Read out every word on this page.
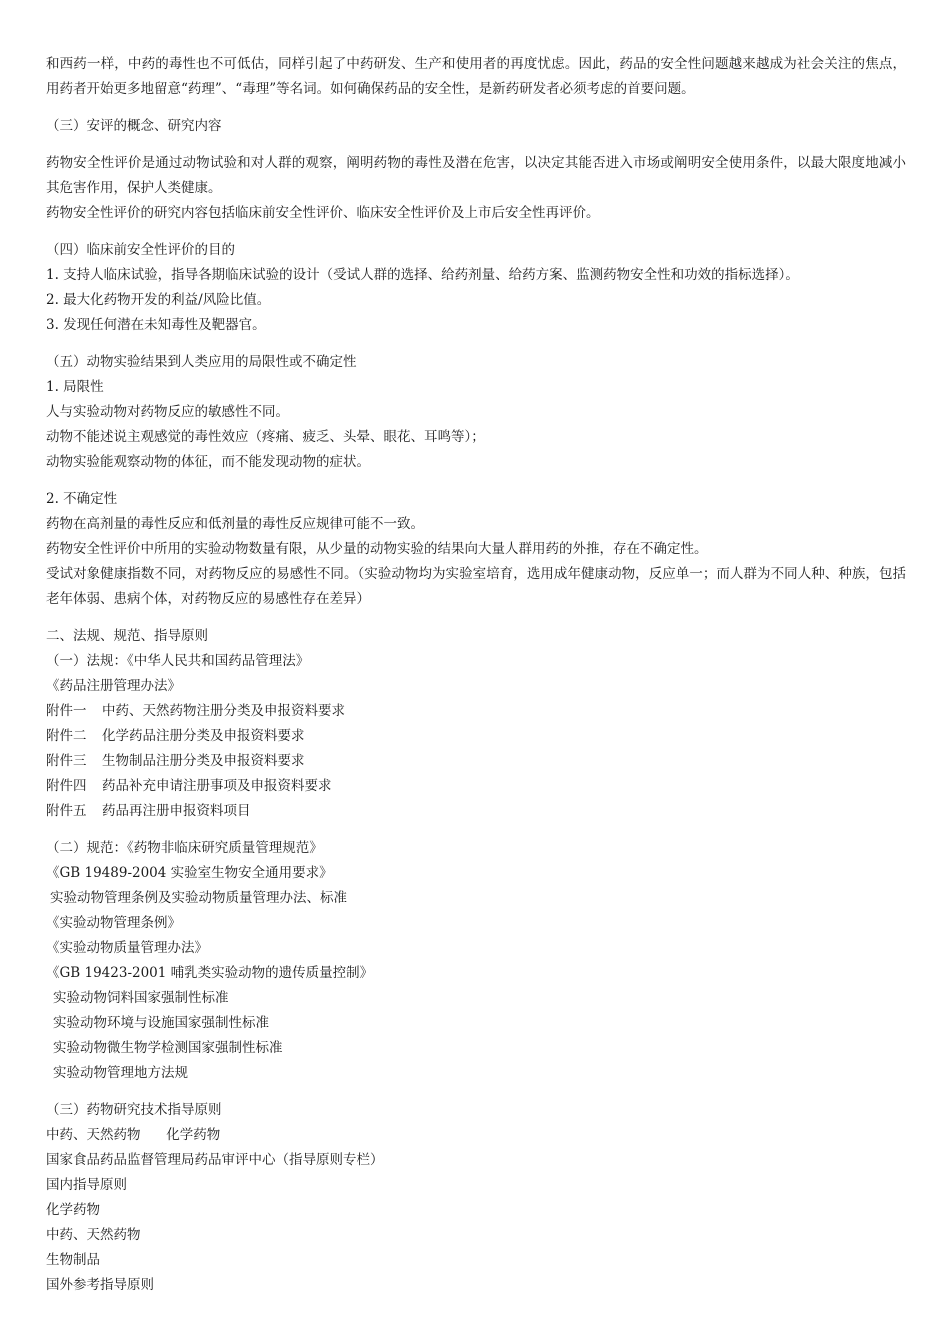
和西药一样，中药的毒性也不可低估，同样引起了中药研发、生产和使用者的再度忧虑。因此，药品的安全性问题越来越成为社会关注的焦点，用药者开始更多地留意“药理”、“毒理”等名词。如何确保药品的安全性，是新药研发者必须考虑的首要问题。
（三）安评的概念、研究内容
药物安全性评价是通过动物试验和对人群的观察，阐明药物的毒性及潜在危害，以决定其能否进入市场或阐明安全使用条件，以最大限度地减小其危害作用，保护人类健康。
药物安全性评价的研究内容包括临床前安全性评价、临床安全性评价及上市后安全性再评价。
（四）临床前安全性评价的目的
1. 支持人临床试验，指导各期临床试验的设计（受试人群的选择、给药剂量、给药方案、监测药物安全性和功效的指标选择）。
2. 最大化药物开发的利益/风险比值。
3. 发现任何潜在未知毒性及靶器官。
（五）动物实验结果到人类应用的局限性或不确定性
1. 局限性
人与实验动物对药物反应的敏感性不同。
动物不能述说主观感觉的毒性效应（疼痛、疲乏、头晕、眼花、耳鸣等）；
动物实验能观察动物的体征，而不能发现动物的症状。
2. 不确定性
药物在高剂量的毒性反应和低剂量的毒性反应规律可能不一致。
药物安全性评价中所用的实验动物数量有限，从少量的动物实验的结果向大量人群用药的外推，存在不确定性。
受试对象健康指数不同，对药物反应的易感性不同。（实验动物均为实验室培育，选用成年健康动物，反应单一；而人群为不同人种、种族，包括老年体弱、患病个体，对药物反应的易感性存在差异）
二、法规、规范、指导原则
（一）法规：《中华人民共和国药品管理法》
《药品注册管理办法》
附件一 中药、天然药物注册分类及申报资料要求
附件二 化学药品注册分类及申报资料要求
附件三 生物制品注册分类及申报资料要求
附件四 药品补充申请注册事项及申报资料要求
附件五 药品再注册申报资料项目
（二）规范：《药物非临床研究质量管理规范》
《GB 19489-2004 实验室生物安全通用要求》
实验动物管理条例及实验动物质量管理办法、标准
《实验动物管理条例》
《实验动物质量管理办法》
《GB 19423-2001 哺乳类实验动物的遗传质量控制》
实验动物饲料国家强制性标准
实验动物环境与设施国家强制性标准
实验动物微生物学检测国家强制性标准
实验动物管理地方法规
（三）药物研究技术指导原则
中药、天然药物      化学药物
国家食品药品监督管理局药品审评中心（指导原则专栏）
国内指导原则
化学药物
中药、天然药物
生物制品
国外参考指导原则
